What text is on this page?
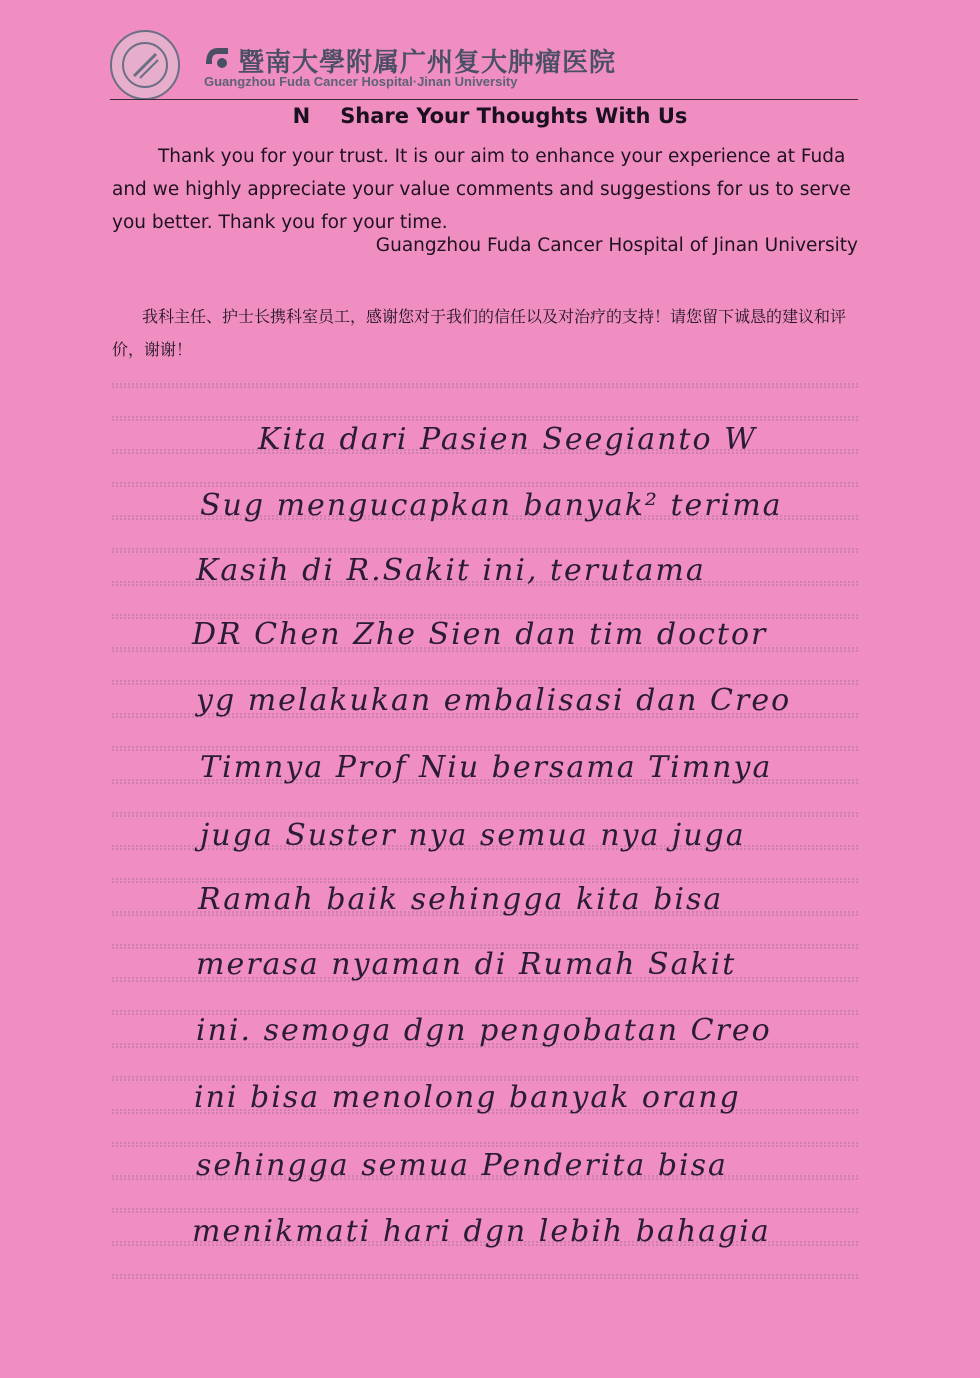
暨南大學附属广州复大肿瘤医院
Guangzhou Fuda Cancer Hospital·Jinan University
N Share Your Thoughts With Us

Thank you for your trust. It is our aim to enhance your experience at Fuda and we highly appreciate your value comments and suggestions for us to serve you better. Thank you for your time.

Guangzhou Fuda Cancer Hospital of Jinan University

我科主任、护士长携科室员工，感谢您对于我们的信任以及对治疗的支持！请您留下诚恳的建议和评价，谢谢！

Kita dari Pasien Seegianto W
Sug mengucapkan banyak² terima
Kasih di R.Sakit ini, terutama
DR Chen Zhe Sien dan tim doctor
yg melakukan embalisasi dan Creo
Timnya Prof Niu bersama Timnya
juga Suster nya semua nya juga
Ramah baik sehingga kita bisa
merasa nyaman di Rumah Sakit
ini. semoga dgn pengobatan Creo
ini bisa menolong banyak orang
sehingga semua Penderita bisa
menikmati hari dgn lebih bahagia
